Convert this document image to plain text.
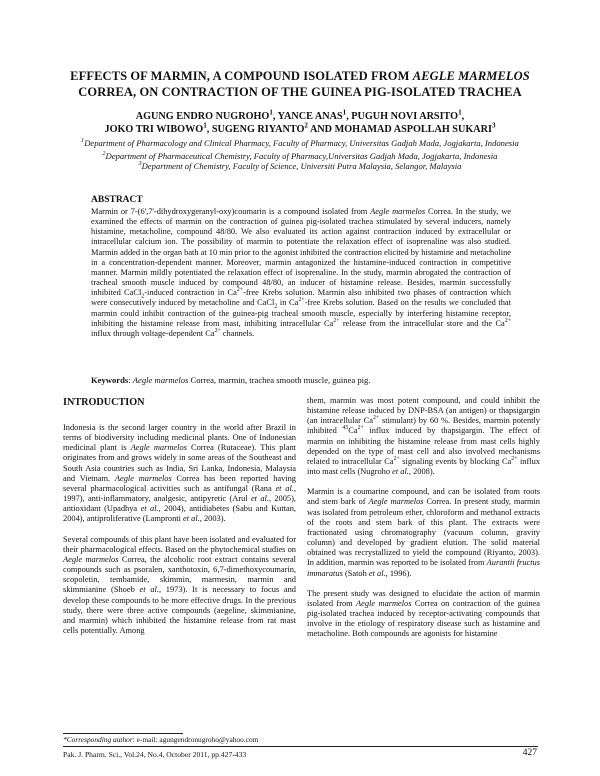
EFFECTS OF MARMIN, A COMPOUND ISOLATED FROM AEGLE MARMELOS
CORREA, ON CONTRACTION OF THE GUINEA PIG-ISOLATED TRACHEA
AGUNG ENDRO NUGROHO$^1$, YANCE ANAS$^1$, PUGUH NOVI ARSITO$^1$,
JOKO TRI WIBOWO$^1$, SUGENG RIYANTO$^2$ AND MOHAMAD ASPOLLAH SUKARI$^3$
$^1$Department of Pharmacology and Clinical Pharmacy, Faculty of Pharmacy, Universitas Gadjah Mada, Jogjakarta, Indonesia
$^2$Department of Pharmaceutical Chemistry, Faculty of Pharmacy,Universitas Gadjah Mada, Jogjakarta, Indonesia
$^3$Department of Chemistry, Faculty of Science, Universiti Putra Malaysia, Selangor, Malaysia
ABSTRACT
Marmin or 7-(6',7'-dihydroxygeranyl-oxy)coumarin is a compound isolated from Aegle marmelos Correa. In the study, we examined the effects of marmin on the contraction of guinea pig-isolated trachea stimulated by several inducers, namely histamine, metacholine, compound 48/80. We also evaluated its action against contraction induced by extracellular or intracellular calcium ion. The possibility of marmin to potentiate the relaxation effect of isoprenaline was also studied. Marmin added in the organ bath at 10 min prior to the agonist inhibited the contraction elicited by histamine and metacholine in a concentration-dependent manner. Moreover, marmin antagonized the histamine-induced contraction in competitive manner. Marmin mildly potentiated the relaxation effect of isoprenaline. In the study, marmin abrogated the contraction of tracheal smooth muscle induced by compound 48/80, an inducer of histamine release. Besides, marmin successfully inhibited CaCl$_2$-induced contraction in $Ca^{2+}$-free Krebs solution. Marmin also inhibited two phases of contraction which were consecutively induced by metacholine and CaCl$_2$ in $Ca^{2+}$-free Krebs solution. Based on the results we concluded that marmin could inhibit contraction of the guinea-pig tracheal smooth muscle, especially by interfering histamine receptor, inhibiting the histamine release from mast, inhibiting intracellular $Ca^{2+}$ release from the intracellular store and the $Ca^{2+}$ influx through voltage-dependent $Ca^{2+}$ channels.
Keywords: Aegle marmelos Correa, marmin, trachea smooth muscle, guinea pig.
INTRODUCTION

Indonesia is the second larger country in the world after Brazil in terms of biodiversity including medicinal plants. One of Indonesian medicinal plant is Aegle marmelos Correa (Rutaceae). This plant originates from and grows widely in some areas of the Southeast and South Asia countries such as India, Sri Lanka, Indonesia, Malaysia and Vietnam. Aegle marmelos Correa has been reported having several pharmacological activities such as antifungal (Rana et al., 1997), anti-inflammatory, analgesic, antipyretic (Arul et al., 2005), antioxidant (Upadhya et al., 2004), antidiabetes (Sabu and Kuttan, 2004), antiproliferative (Lampronti et al., 2003).

Several compounds of this plant have been isolated and evaluated for their pharmacological effects. Based on the phytochemical studies on Aegle marmelos Correa, the alcoholic root extract contains several compounds such as psoralen, xanthotoxin, 6,7-dimethoxycoumarin, scopoletin, tembamide, skimmin, marmesin, marmin and skimmianine (Shoeb et al., 1973). It is necessary to focus and develop these compounds to be more effective drugs. In the previous study, there were three active compounds (aegeline, skimmianine, and marmin) which inhibited the histamine release from rat mast cells potentially. Among

them, marmin was most potent compound, and could inhibit the histamine release induced by DNP-BSA (an antigen) or thapsigargin (an intracellular $Ca^{2+}$ stimulant) by 60 %. Besides, marmin potently inhibited $^{45}Ca^{2+}$ influx induced by thapsigargin. The effect of marmin on inhibiting the histamine release from mast cells highly depended on the type of mast cell and also involved mechanisms related to intracellular $Ca^{2+}$ signaling events by blocking $Ca^{2+}$ influx into mast cells (Nugroho et al., 2008).

Marmin is a coumarine compound, and can be isolated from roots and stem bark of Aegle marmelos Correa. In present study, marmin was isolated from petroleum ether, chloroform and methanol extracts of the roots and stem bark of this plant. The extracts were fractionated using chromatography (vacuum column, gravity column) and developed by gradient elution. The solid material obtained was recrystallized to yield the compound (Riyanto, 2003). In addition, marmin was reported to be isolated from Aurantii fructus immaratus (Satoh et al., 1996).

The present study was designed to elucidate the action of marmin isolated from Aegle marmelos Correa on contraction of the guinea pig-isolated trachea induced by receptor-activating compounds that involve in the etiology of respiratory disease such as histamine and metacholine. Both compounds are agonists for histamine

*Corresponding author: e-mail: agungendronugroho@yahoo.com
Pak. J. Pharm. Sci., Vol.24, No.4, October 2011, pp.427-433	427
